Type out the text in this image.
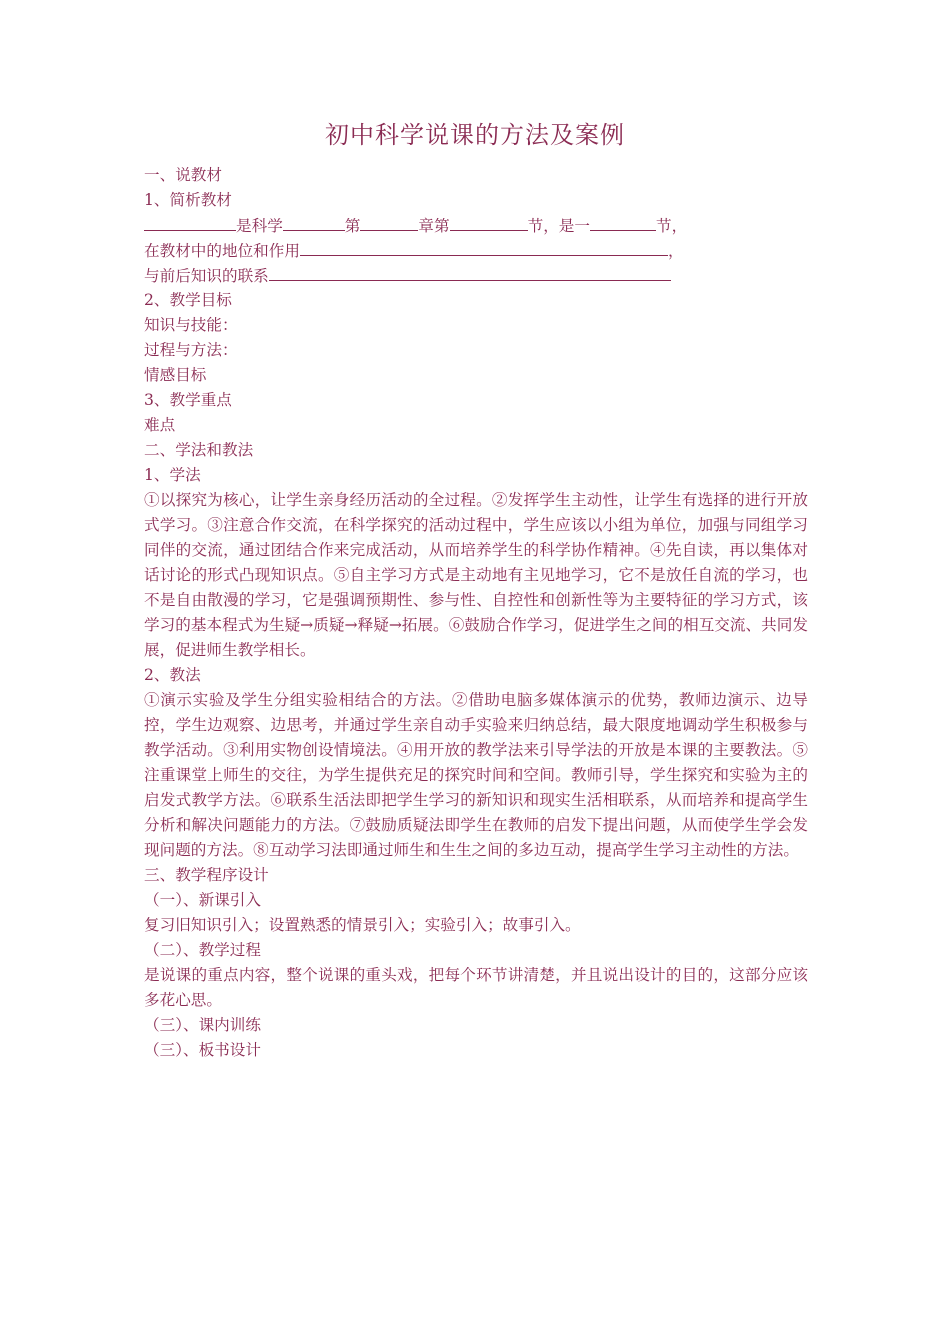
初中科学说课的方法及案例
一、说教材
1、简析教材
是科学	第	章第	节，是一	节，
在教材中的地位和作用	，
与前后知识的联系
2、教学目标
知识与技能：
过程与方法：
情感目标
3、教学重点
难点
二、学法和教法
1、学法
①以探究为核心，让学生亲身经历活动的全过程。②发挥学生主动性，让学生有选择的进行开放式学习。③注意合作交流，在科学探究的活动过程中，学生应该以小组为单位，加强与同组学习同伴的交流，通过团结合作来完成活动，从而培养学生的科学协作精神。④先自读，再以集体对话讨论的形式凸现知识点。⑤自主学习方式是主动地有主见地学习，它不是放任自流的学习，也不是自由散漫的学习，它是强调预期性、参与性、自控性和创新性等为主要特征的学习方式，该学习的基本程式为生疑→质疑→释疑→拓展。⑥鼓励合作学习，促进学生之间的相互交流、共同发展，促进师生教学相长。
2、教法
①演示实验及学生分组实验相结合的方法。②借助电脑多媒体演示的优势，教师边演示、边导控，学生边观察、边思考，并通过学生亲自动手实验来归纳总结，最大限度地调动学生积极参与教学活动。③利用实物创设情境法。④用开放的教学法来引导学法的开放是本课的主要教法。⑤注重课堂上师生的交往，为学生提供充足的探究时间和空间。教师引导，学生探究和实验为主的启发式教学方法。⑥联系生活法即把学生学习的新知识和现实生活相联系，从而培养和提高学生分析和解决问题能力的方法。⑦鼓励质疑法即学生在教师的启发下提出问题，从而使学生学会发现问题的方法。⑧互动学习法即通过师生和生生之间的多边互动，提高学生学习主动性的方法。
三、教学程序设计
（一）、新课引入
复习旧知识引入；设置熟悉的情景引入；实验引入；故事引入。
（二）、教学过程
是说课的重点内容，整个说课的重头戏，把每个环节讲清楚，并且说出设计的目的，这部分应该多花心思。
（三）、课内训练
（三）、板书设计
